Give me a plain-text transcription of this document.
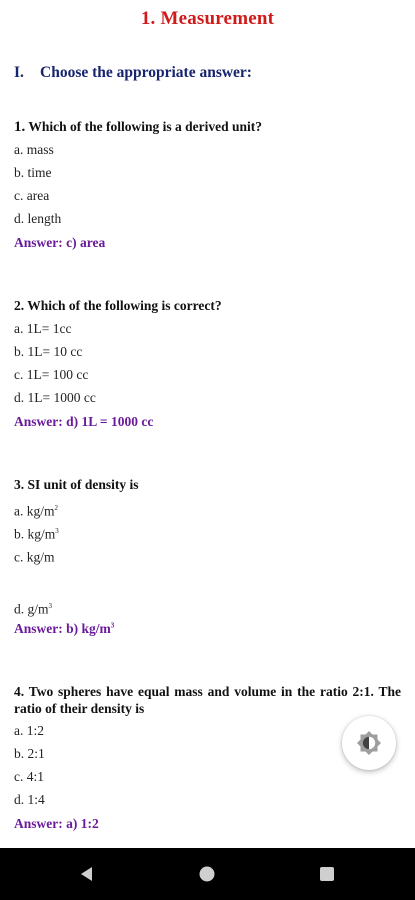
1. Measurement
I. Choose the appropriate answer:
1. Which of the following is a derived unit?
a. mass
b. time
c. area
d. length
Answer: c) area
2. Which of the following is correct?
a. 1L= 1cc
b. 1L= 10 cc
c. 1L= 100 cc
d. 1L= 1000 cc
Answer: d) 1L = 1000 cc
3. SI unit of density is
a. $kg/m^2$
b. $kg/m^3$
c. kg/m
d. $g/m^3$
Answer: b) $kg/m^3$
4. Two spheres have equal mass and volume in the ratio 2:1. The ratio of their density is
a. 1:2
b. 2:1
c. 4:1
d. 1:4
Answer: a) 1:2
